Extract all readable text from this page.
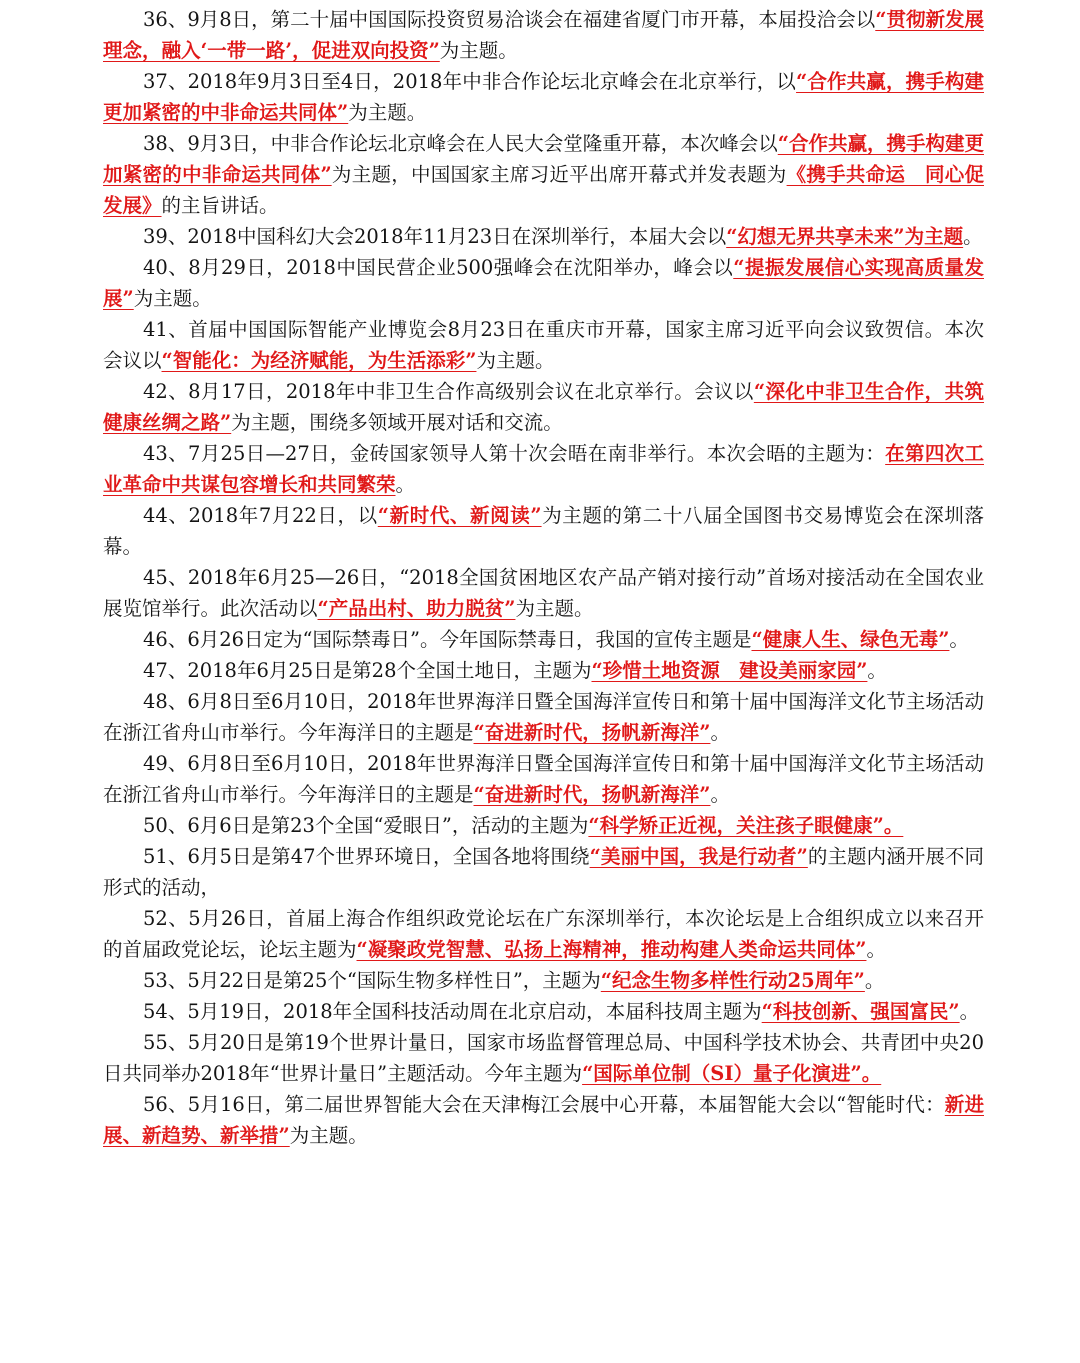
36、9月8日，第二十届中国国际投资贸易洽谈会在福建省厦门市开幕，本届投洽会以“贯彻新发展理念，融入‘一带一路’，促进双向投资”为主题。

37、2018年9月3日至4日，2018年中非合作论坛北京峰会在北京举行，以“合作共赢，携手构建更加紧密的中非命运共同体”为主题。

38、9月3日，中非合作论坛北京峰会在人民大会堂隆重开幕，本次峰会以“合作共赢，携手构建更加紧密的中非命运共同体”为主题，中国国家主席习近平出席开幕式并发表题为《携手共命运　同心促发展》的主旨讲话。

39、2018中国科幻大会2018年11月23日在深圳举行，本届大会以“幻想无界共享未来”为主题。

40、8月29日，2018中国民营企业500强峰会在沈阳举办，峰会以“提振发展信心实现高质量发展”为主题。

41、首届中国国际智能产业博览会8月23日在重庆市开幕，国家主席习近平向会议致贺信。本次会议以“智能化：为经济赋能，为生活添彩”为主题。

42、8月17日，2018年中非卫生合作高级别会议在北京举行。会议以“深化中非卫生合作，共筑健康丝绸之路”为主题，围绕多领域开展对话和交流。

43、7月25日—27日，金砖国家领导人第十次会晤在南非举行。本次会晤的主题为：在第四次工业革命中共谋包容增长和共同繁荣。

44、2018年7月22日，以“新时代、新阅读”为主题的第二十八届全国图书交易博览会在深圳落幕。

45、2018年6月25—26日，“2018全国贫困地区农产品产销对接行动”首场对接活动在全国农业展览馆举行。此次活动以“产品出村、助力脱贫”为主题。

46、6月26日定为“国际禁毒日”。今年国际禁毒日，我国的宣传主题是“健康人生、绿色无毒”。

47、2018年6月25日是第28个全国土地日，主题为“珍惜土地资源　建设美丽家园”。

48、6月8日至6月10日，2018年世界海洋日暨全国海洋宣传日和第十届中国海洋文化节主场活动在浙江省舟山市举行。今年海洋日的主题是“奋进新时代，扬帆新海洋”。

49、6月8日至6月10日，2018年世界海洋日暨全国海洋宣传日和第十届中国海洋文化节主场活动在浙江省舟山市举行。今年海洋日的主题是“奋进新时代，扬帆新海洋”。

50、6月6日是第23个全国“爱眼日”，活动的主题为“科学矫正近视，关注孩子眼健康”。

51、6月5日是第47个世界环境日，全国各地将围绕“美丽中国，我是行动者”的主题内涵开展不同形式的活动，

52、5月26日，首届上海合作组织政党论坛在广东深圳举行，本次论坛是上合组织成立以来召开的首届政党论坛，论坛主题为“凝聚政党智慧、弘扬上海精神，推动构建人类命运共同体”。

53、5月22日是第25个“国际生物多样性日”，主题为“纪念生物多样性行动25周年”。

54、5月19日，2018年全国科技活动周在北京启动，本届科技周主题为“科技创新、强国富民”。

55、5月20日是第19个世界计量日，国家市场监督管理总局、中国科学技术协会、共青团中央20日共同举办2018年“世界计量日”主题活动。今年主题为“国际单位制（SI）量子化演进”。

56、5月16日，第二届世界智能大会在天津梅江会展中心开幕，本届智能大会以“智能时代：新进展、新趋势、新举措”为主题。
